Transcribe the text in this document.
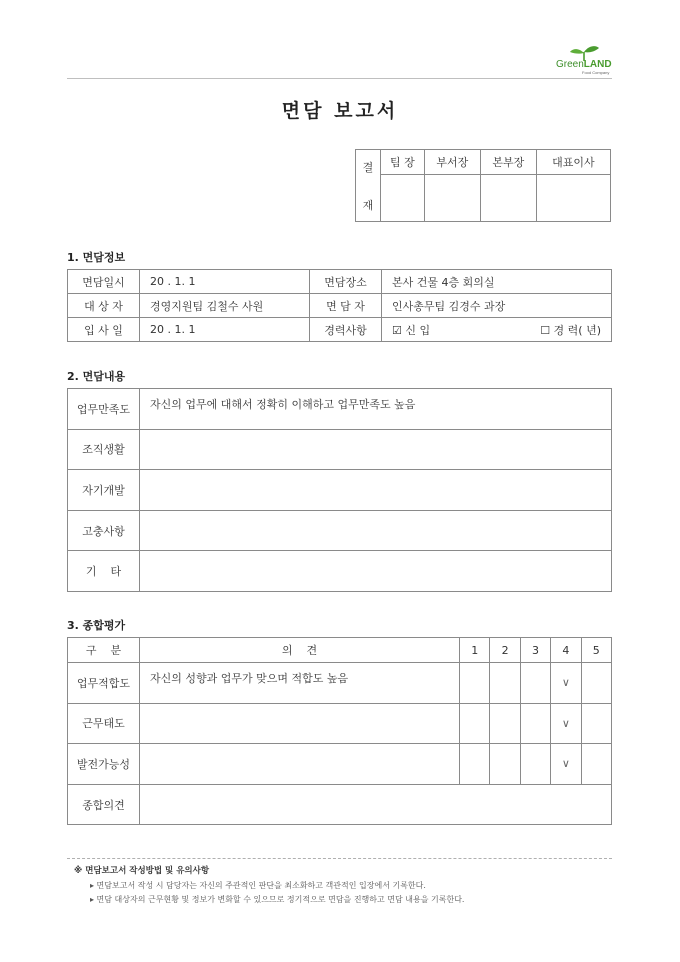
GreenLAND
Food Company
면담 보고서
결
재	팀 장	부서장	본부장	대표이사

1. 면담정보
면담일시	20 . 1. 1	면담장소	본사 건물 4층 회의실
대 상 자	경영지원팀 김철수 사원	면 담 자	인사총무팀 김경수 과장
입 사 일	20 . 1. 1	경력사항	☑ 신 입 ☐ 경 력( 년)
2. 면담내용
업무만족도	자신의 업무에 대해서 정확히 이해하고 업무만족도 높음
조직생활	
자기개발	
고충사항	
기    타	
3. 종합평가
구    분	의    견	1	2	3	4	5
업무적합도	자신의 성향과 업무가 맞으며 적합도 높음				∨	
근무태도					∨	
발전가능성					∨	
종합의견						
※ 면담보고서 작성방법 및 유의사항
▸ 면담보고서 작성 시 담당자는 자신의 주관적인 판단을 최소화하고 객관적인 입장에서 기록한다.
▸ 면담 대상자의 근무현황 및 정보가 변화할 수 있으므로 정기적으로 면담을 진행하고 면담 내용을 기록한다.
